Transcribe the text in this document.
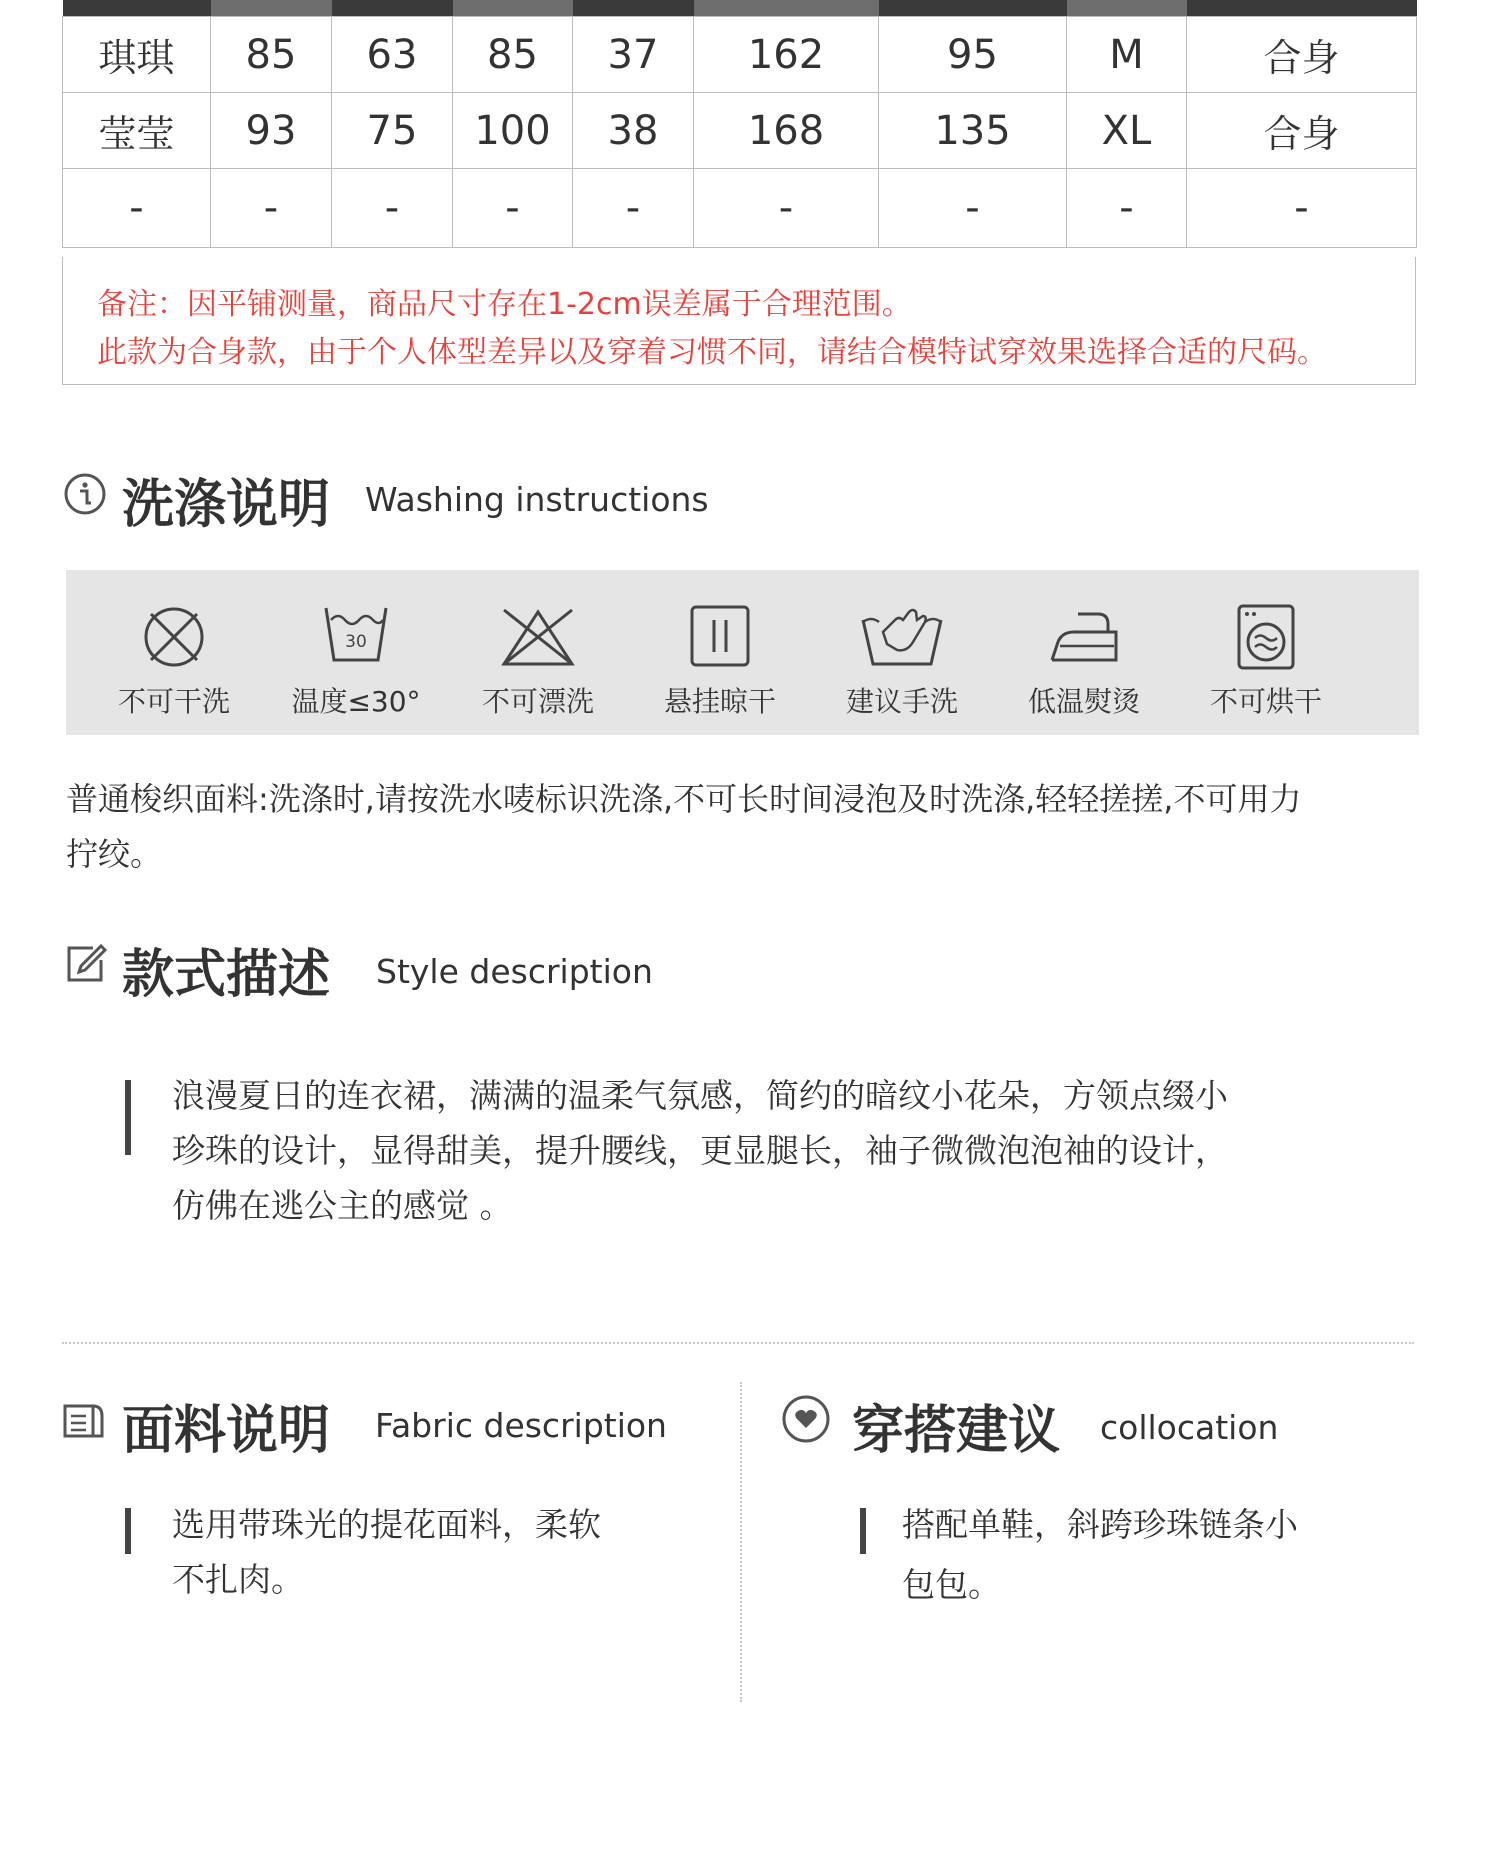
琪琪	85	63	85	37	162	95	M	合身
莹莹	93	75	100	38	168	135	XL	合身
-	-	-	-	-	-	-	-	-
备注：因平铺测量，商品尺寸存在1-2cm误差属于合理范围。
此款为合身款，由于个人体型差异以及穿着习惯不同，请结合模特试穿效果选择合适的尺码。
洗涤说明 Washing instructions
不可干洗
30
温度≤30°	不可漂洗	悬挂晾干	建议手洗	低温熨烫	不可烘干
普通梭织面料:洗涤时,请按洗水唛标识洗涤,不可长时间浸泡及时洗涤,轻轻搓搓,不可用力
拧绞。
款式描述 Style description
浪漫夏日的连衣裙，满满的温柔气氛感，简约的暗纹小花朵，方领点缀小
珍珠的设计，显得甜美，提升腰线，更显腿长，袖子微微泡泡袖的设计，
仿佛在逃公主的感觉 。
面料说明 Fabric description
选用带珠光的提花面料，柔软
不扎肉。
穿搭建议 collocation
搭配单鞋，斜跨珍珠链条小
包包。
